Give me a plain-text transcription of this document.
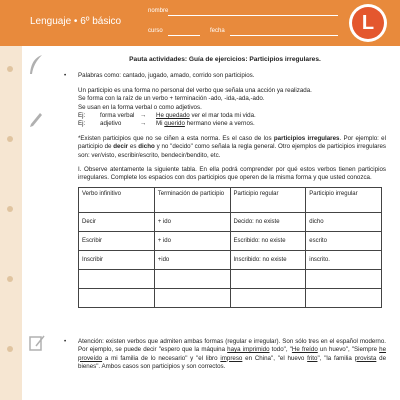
Lenguaje • 6º básico
nombre
curso	fecha	L
Pauta actividades: Guía de ejercicios: Participios irregulares.
• Palabras como: cantado, jugado, amado, corrido son participios.
Un participio es una forma no personal del verbo que señala una acción ya realizada.
Se forma con la raíz de un verbo + terminación -ado, -ida,-ada,-ado.
Se usan en la forma verbal o como adjetivos.
Ej:	forma verbal →	He quedado ver el mar toda mi vida.
Ej:	adjetivo	→	Mi querido hermano viene a vernos.
*Existen participios que no se ciñen a esta norma. Es el caso de los participios irregulares. Por ejemplo: el participio de decir es dicho y no "decido" como señala la regla general. Otro ejemplos de participios irregulares son: ver/visto, escribir/escrito, bendecir/bendito, etc.
I. Observe atentamente la siguiente tabla. En ella podrá comprender por qué estos verbos tienen participios irregulares. Complete los espacios con dos participios que operen de la misma forma y que usted conozca.
Verbo infinitivo	Terminación de participio	Participio regular	Participio irregular
Decir	+ ido	Decido: no existe	dicho
Escribir	+ ido	Escribido: no existe	escrito
Inscribir	+ido	Inscribido: no existe	inscrito.

• Atención: existen verbos que admiten ambas formas (regular e irregular). Son sólo tres en el español moderno. Por ejemplo, se puede decir "espero que la máquina haya imprimido todo", "He freído un huevo", "Siempre he proveído a mi familia de lo necesario" y "el libro impreso en China", "el huevo frito", "la familia provista de bienes". Ambos casos son participios y son correctos.
